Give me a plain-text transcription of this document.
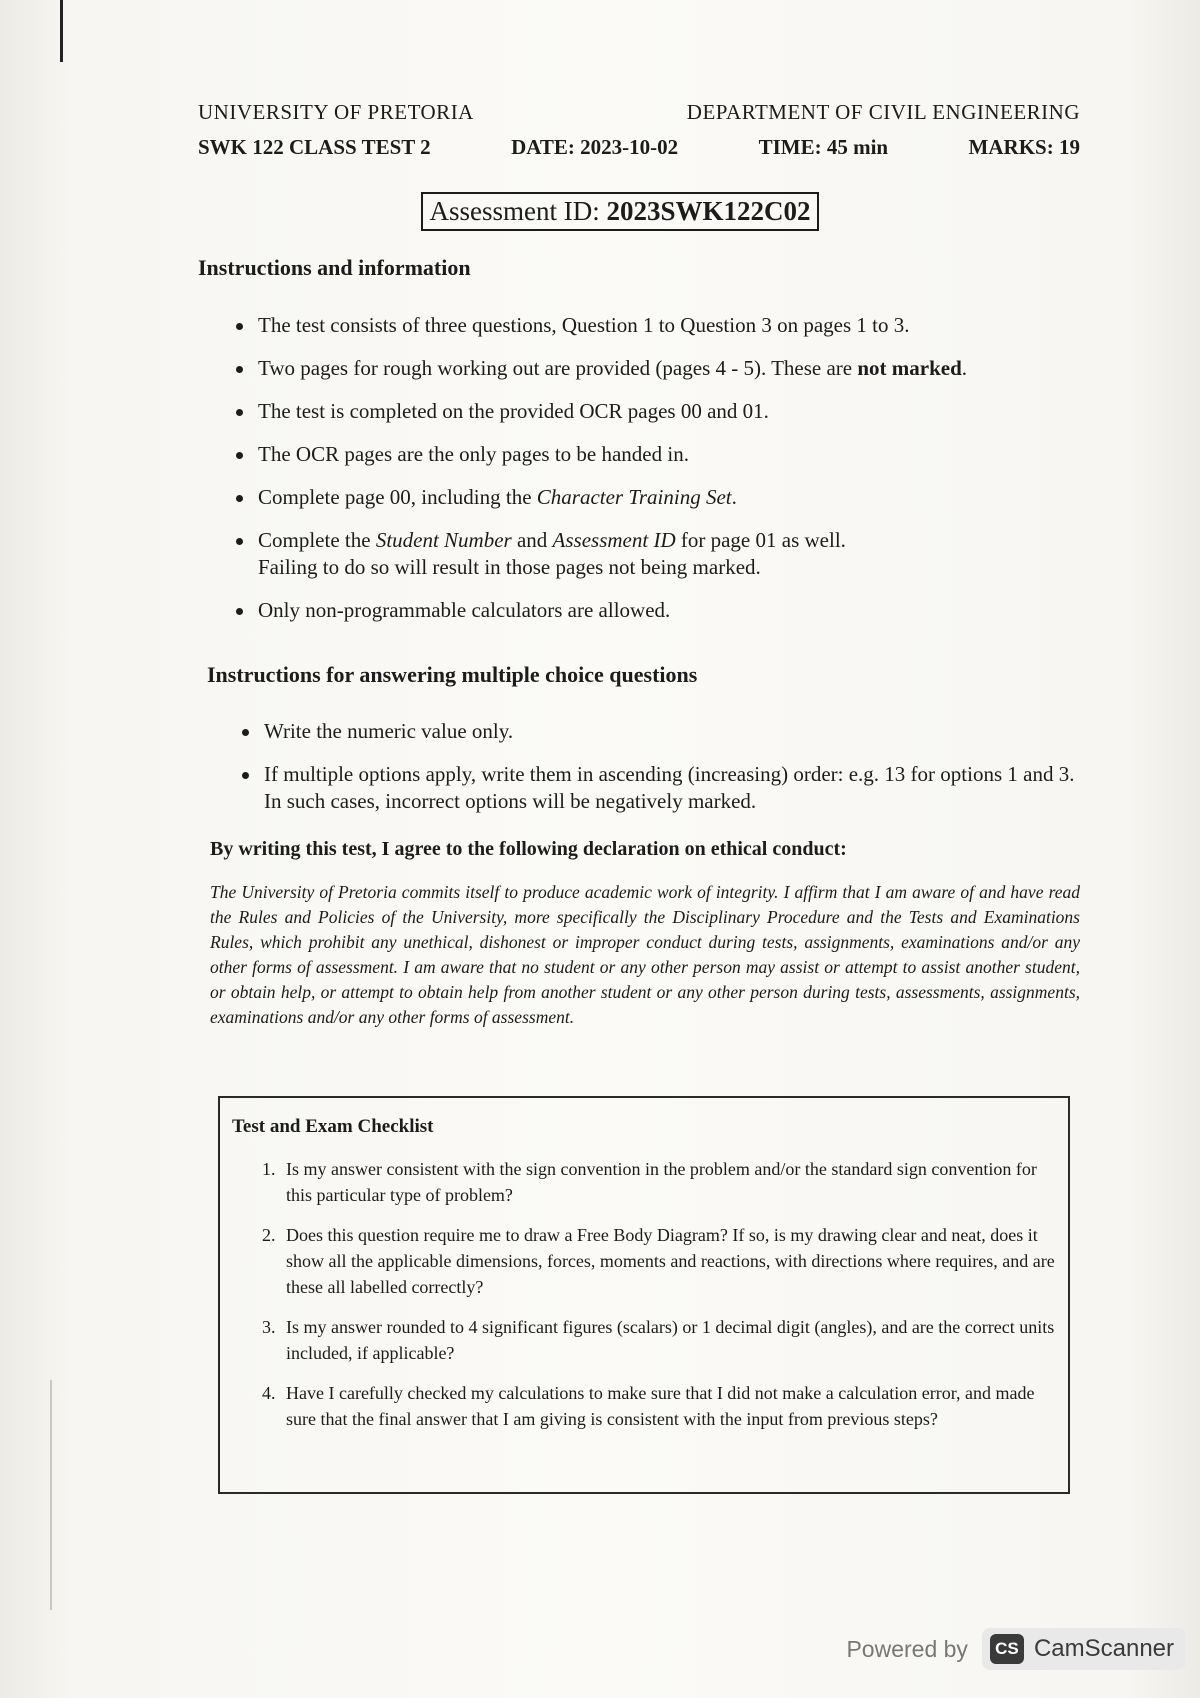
UNIVERSITY OF PRETORIA	DEPARTMENT OF CIVIL ENGINEERING
SWK 122 CLASS TEST 2	DATE: 2023-10-02	TIME: 45 min	MARKS: 19
Assessment ID: 2023SWK122C02
Instructions and information
The test consists of three questions, Question 1 to Question 3 on pages 1 to 3.
Two pages for rough working out are provided (pages 4 - 5). These are not marked.
The test is completed on the provided OCR pages 00 and 01.
The OCR pages are the only pages to be handed in.
Complete page 00, including the Character Training Set.
Complete the Student Number and Assessment ID for page 01 as well.
Failing to do so will result in those pages not being marked.
Only non-programmable calculators are allowed.
Instructions for answering multiple choice questions
Write the numeric value only.
If multiple options apply, write them in ascending (increasing) order: e.g. 13 for options 1 and 3. In such cases, incorrect options will be negatively marked.
By writing this test, I agree to the following declaration on ethical conduct:
The University of Pretoria commits itself to produce academic work of integrity. I affirm that I am aware of and have read the Rules and Policies of the University, more specifically the Disciplinary Procedure and the Tests and Examinations Rules, which prohibit any unethical, dishonest or improper conduct during tests, assignments, examinations and/or any other forms of assessment. I am aware that no student or any other person may assist or attempt to assist another student, or obtain help, or attempt to obtain help from another student or any other person during tests, assessments, assignments, examinations and/or any other forms of assessment.
Test and Exam Checklist
1. Is my answer consistent with the sign convention in the problem and/or the standard sign convention for this particular type of problem?
2. Does this question require me to draw a Free Body Diagram? If so, is my drawing clear and neat, does it show all the applicable dimensions, forces, moments and reactions, with directions where requires, and are these all labelled correctly?
3. Is my answer rounded to 4 significant figures (scalars) or 1 decimal digit (angles), and are the correct units included, if applicable?
4. Have I carefully checked my calculations to make sure that I did not make a calculation error, and made sure that the final answer that I am giving is consistent with the input from previous steps?
Powered by	CS CamScanner
